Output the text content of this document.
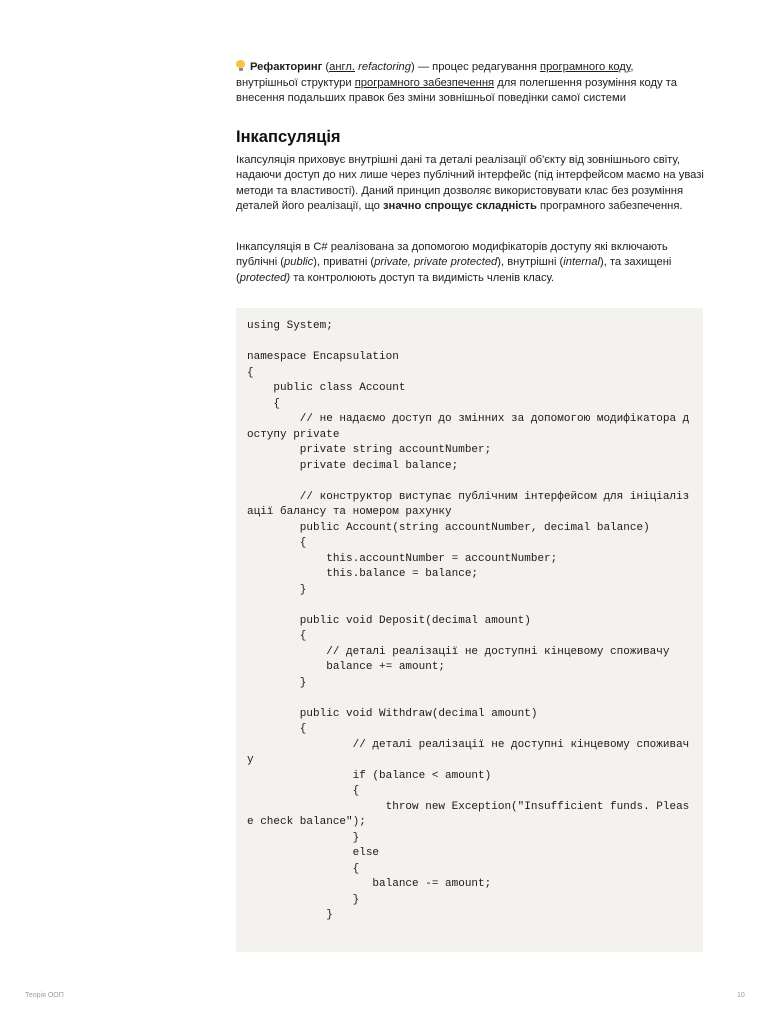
Рефакторинг (англ. refactoring) — процес редагування програмного коду,
внутрішньої структури програмного забезпечення для полегшення розуміння коду та внесення подальших правок без зміни зовнішньої поведінки самої системи

Інкапсуляція

Ікапсуляція приховує внутрішні дані та деталі реалізації об'єкту від зовнішнього світу, надаючи доступ до них лише через публічний інтерфейс (під інтерфейсом маємо на увазі методи та властивості). Даний принцип дозволяє використовувати клас без розуміння деталей його реалізації, що значно спрощує складність програмного забезпечення.

Інкапсуляція в C# реалізована за допомогою модифікаторів доступу які включають публічні (public), приватні (private, private protected), внутрішні (internal), та захищені (protected) та контролюють доступ та видимість членів класу.

using System;

namespace Encapsulation
{
public class Account
{
// не надаємо доступ до змінних за допомогою модифікатора д
оступу private
private string accountNumber;
private decimal balance;

// конструктор виступає публічним інтерфейсом для ініціаліз
ації балансу та номером рахунку
public Account(string accountNumber, decimal balance)
{
this.accountNumber = accountNumber;
this.balance = balance;
}

public void Deposit(decimal amount)
{
// деталі реалізації не доступні кінцевому споживачу
balance += amount;
}

public void Withdraw(decimal amount)
{
// деталі реалізації не доступні кінцевому споживач
у
if (balance < amount)
{
throw new Exception("Insufficient funds. Pleas
e check balance");
}
else
{
balance -= amount;
}
}
Теорія ООП	10
